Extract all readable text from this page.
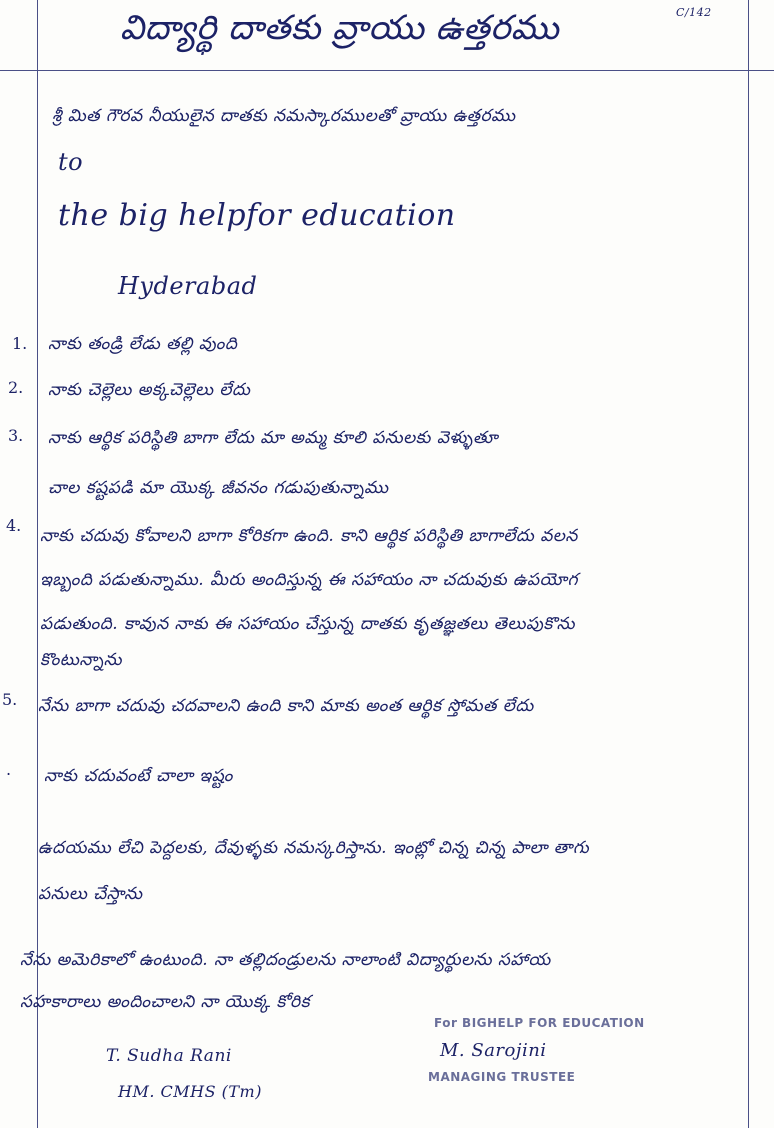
విద్యార్థి దాతకు వ్రాయు ఉత్తరము	C/142
శ్రీ మిత గౌరవ నీయులైన దాతకు నమస్కారములతో వ్రాయు ఉత్తరము
to
the big helpfor education
Hyderabad
1. నాకు తండ్రి లేడు తల్లి వుంది
2. నాకు చెల్లెలు అక్కచెల్లెలు లేదు
3. నాకు ఆర్థిక పరిస్థితి బాగా లేదు మా అమ్మ కూలి పనులకు వెళ్ళుతూ
చాల కష్టపడి మా యొక్క జీవనం గడుపుతున్నాము
4.
నాకు చదువు కోవాలని బాగా కోరికగా ఉంది. కాని ఆర్థిక పరిస్థితి బాగాలేదు వలన
ఇబ్బంది పడుతున్నాము. మీరు అందిస్తున్న ఈ సహాయం నా చదువుకు ఉపయోగ
పడుతుంది. కావున నాకు ఈ సహాయం చేస్తున్న దాతకు కృతజ్ఞతలు తెలుపుకొను
కొంటున్నాను
5. నేను బాగా చదువు చదవాలని ఉంది కాని మాకు అంత ఆర్థిక స్తోమత లేదు
. నాకు చదువంటే చాలా ఇష్టం
ఉదయము లేచి పెద్దలకు, దేవుళ్ళకు నమస్కరిస్తాను. ఇంట్లో చిన్న చిన్న పాలా తాగు
పనులు చేస్తాను
నేను అమెరికాలో ఉంటుంది. నా తల్లిదండ్రులను నాలాంటి విద్యార్థులను సహాయ
సహకారాలు అందించాలని నా యొక్క కోరిక
T. Sudha Rani
HM. CMHS (Tm)
For BIGHELP FOR EDUCATION
M. Sarojini
MANAGING TRUSTEE
